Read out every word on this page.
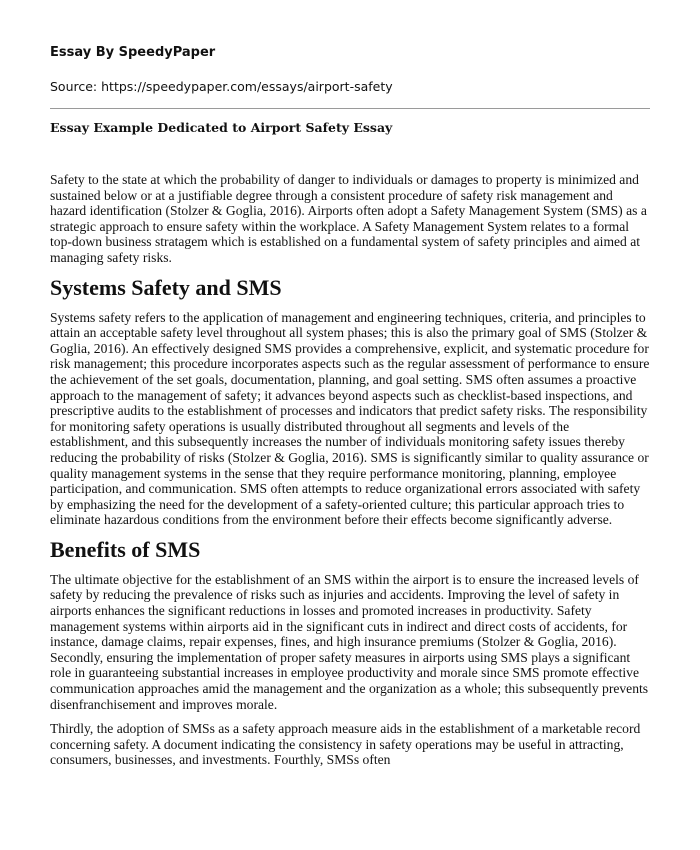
Essay By SpeedyPaper

Source: https://speedypaper.com/essays/airport-safety

Essay Example Dedicated to Airport Safety Essay

Safety to the state at which the probability of danger to individuals or damages to property is minimized and sustained below or at a justifiable degree through a consistent procedure of safety risk management and hazard identification (Stolzer & Goglia, 2016). Airports often adopt a Safety Management System (SMS) as a strategic approach to ensure safety within the workplace. A Safety Management System relates to a formal top-down business stratagem which is established on a fundamental system of safety principles and aimed at managing safety risks.

Systems Safety and SMS

Systems safety refers to the application of management and engineering techniques, criteria, and principles to attain an acceptable safety level throughout all system phases; this is also the primary goal of SMS (Stolzer & Goglia, 2016). An effectively designed SMS provides a comprehensive, explicit, and systematic procedure for risk management; this procedure incorporates aspects such as the regular assessment of performance to ensure the achievement of the set goals, documentation, planning, and goal setting. SMS often assumes a proactive approach to the management of safety; it advances beyond aspects such as checklist-based inspections, and prescriptive audits to the establishment of processes and indicators that predict safety risks. The responsibility for monitoring safety operations is usually distributed throughout all segments and levels of the establishment, and this subsequently increases the number of individuals monitoring safety issues thereby reducing the probability of risks (Stolzer & Goglia, 2016). SMS is significantly similar to quality assurance or quality management systems in the sense that they require performance monitoring, planning, employee participation, and communication. SMS often attempts to reduce organizational errors associated with safety by emphasizing the need for the development of a safety-oriented culture; this particular approach tries to eliminate hazardous conditions from the environment before their effects become significantly adverse.

Benefits of SMS

The ultimate objective for the establishment of an SMS within the airport is to ensure the increased levels of safety by reducing the prevalence of risks such as injuries and accidents. Improving the level of safety in airports enhances the significant reductions in losses and promoted increases in productivity. Safety management systems within airports aid in the significant cuts in indirect and direct costs of accidents, for instance, damage claims, repair expenses, fines, and high insurance premiums (Stolzer & Goglia, 2016). Secondly, ensuring the implementation of proper safety measures in airports using SMS plays a significant role in guaranteeing substantial increases in employee productivity and morale since SMS promote effective communication approaches amid the management and the organization as a whole; this subsequently prevents disenfranchisement and improves morale.

Thirdly, the adoption of SMSs as a safety approach measure aids in the establishment of a marketable record concerning safety. A document indicating the consistency in safety operations may be useful in attracting, consumers, businesses, and investments. Fourthly, SMSs often
